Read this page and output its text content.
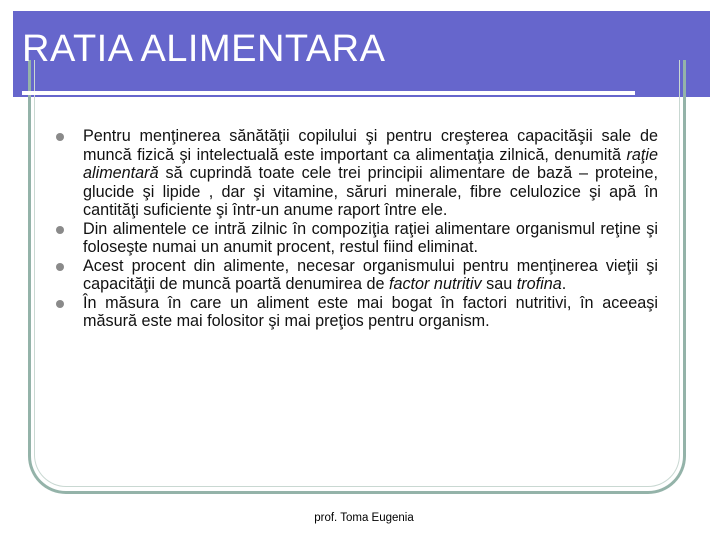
RATIA ALIMENTARA

Pentru menţinerea sănătăţii copilului şi pentru creşterea capacităşii sale de muncă fizică şi intelectuală este important ca alimentaţia zilnică, denumită raţie alimentară să cuprindă toate cele trei principii alimentare de bază – proteine, glucide şi lipide , dar şi vitamine, săruri minerale, fibre celulozice şi apă în cantităţi suficiente şi într-un anume raport între ele.

Din alimentele ce intră zilnic în compoziţia raţiei alimentare organismul reţine şi foloseşte numai un anumit procent, restul fiind eliminat.

Acest procent din alimente, necesar organismului pentru menţinerea vieţii şi capacităţii de muncă poartă denumirea de factor nutritiv sau trofina.

În măsura în care un aliment este mai bogat în factori nutritivi, în aceeaşi măsură este mai folositor şi mai preţios pentru organism.

prof. Toma Eugenia
